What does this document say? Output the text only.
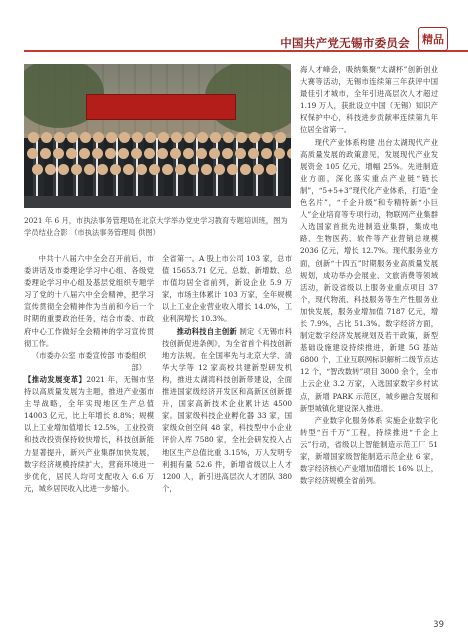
中国共产党无锡市委员会	精品
2021 年 6 月，市执法事务管理局在北京大学举办党史学习教育专题培训班，图为学员结业合影 （市执法事务管理局 供图）

中共十八届六中全会召开前后，市委讲话及市委理论学习中心组、各级党委理论学习中心组及基层党组织专题学习了党的十八届六中全会精神，把学习宣传贯彻全会精神作为当前和今后一个时期的重要政治任务，结合市委、市政府中心工作做好全会精神的学习宣传贯彻工作。

（市委办公室 市委宣传部 市委组织部）

【推动发展变革】2021 年，无锡市坚持以高质量发展为主题，推进产业强市主导战略，全年实现地区生产总值 14003 亿元，比上年增长 8.8%；规模以上工业增加值增长 12.5%，工业投资和技改投资保持较快增长，科技创新能力显著提升，新兴产业集群加快发展，数字经济规模持续扩大，营商环境进一步优化，居民人均可支配收入 6.6 万元，城乡居民收入比进一步缩小。

全省第一。A 股上市公司 103 家，总市值 15653.71 亿元。总数、新增数、总市值均居全省前列，新设企业 5.9 万家，市场主体累计 103 万家，全年规模以上工业企业营业收入增长 14.0%，工业利润增长 10.3%。

推动科技自主创新 制定《无锡市科技创新促进条例》，为全省首个科技创新地方法规。在全国率先与北京大学、清华大学等 12 家高校共建新型研发机构，推进太湖湾科技创新带建设，全面推进国家级经济开发区和高新区创新提升，国家高新技术企业累计达 4500 家。国家级科技企业孵化器 33 家，国家级众创空间 48 家，科技型中小企业评价入库 7580 家，全社会研发投入占地区生产总值比重 3.15%，万人发明专利拥有量 52.6 件，新增省级以上人才 1200 人，新引进高层次人才团队 380 个，

海人才峰会，吸纳集聚“太湖杯”创新创业大赛等活动，无锡市连续第三年获评中国最佳引才城市，全年引进高层次人才超过 1.19 万人，获批设立中国（无锡）知识产权保护中心，科技进步贡献率连续第九年位居全省第一。

现代产业体系构建 出台太湖现代产业高质量发展的政策意见，发展现代产业发展资金 105 亿元，增幅 25%。先进制造业方面，深化落实重点产业链“链长制”，“5+5+3”现代化产业体系，打造“金色名片”，“千企升级”和专精特新“小巨人”企业培育等专项行动，物联网产业集群入选国家首批先进制造业集群，集成电路、生物医药、软件等产业营销总规模 2036 亿元，增长 12.7%。现代服务业方面，创新“十四五”时期服务业高质量发展规划，成功举办会展业、文旅消费等领域活动，新设省级以上服务业重点项目 37 个，现代物流、科技服务等生产性服务业加快发展，服务业增加值 7187 亿元，增长 7.9%，占比 51.3%。数字经济方面，制定数字经济发展规划及若干政策，新型基础设施建设持续推进，新建 5G 基站 6800 个，工业互联网标识解析二级节点达 12 个，“智改数转”项目 3000 余个，全市上云企业 3.2 万家，入选国家数字乡村试点，新增 PARK 示范区，城乡融合发展和新型城镇化建设深入推进。

产业数字化服务体系 实施企业数字化转型“百千万”工程，持续推进“千企上云”行动，省级以上智能制造示范工厂 51 家，新增国家级智能制造示范企业 6 家，数字经济核心产业增加值增长 16% 以上，数字经济规模全省前列。

39
